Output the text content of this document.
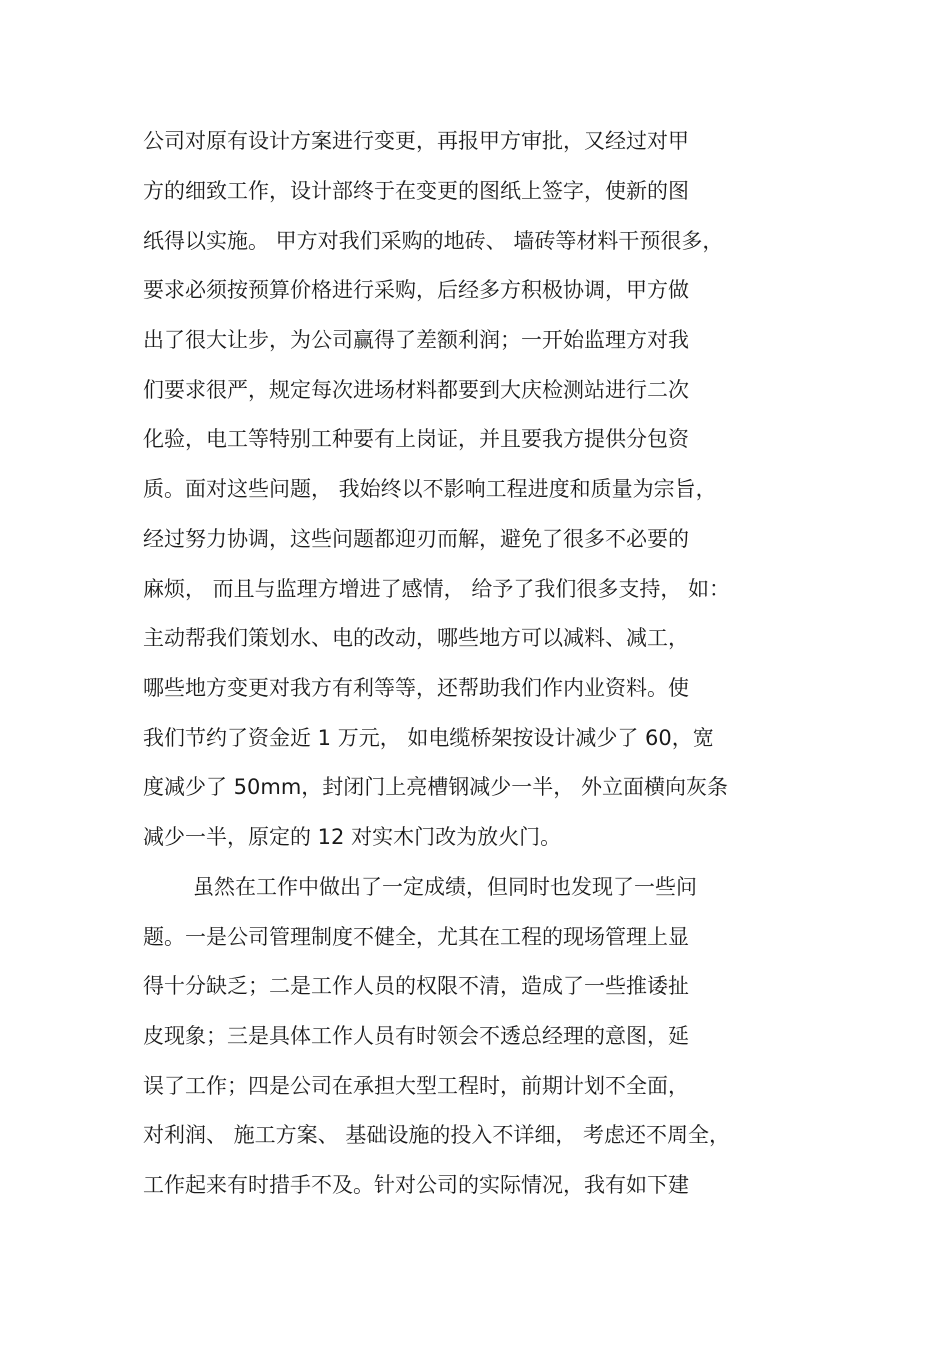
公司对原有设计方案进行变更，再报甲方审批，又经过对甲
方的细致工作，设计部终于在变更的图纸上签字，使新的图
纸得以实施。 甲方对我们采购的地砖、 墙砖等材料干预很多，
要求必须按预算价格进行采购，后经多方积极协调，甲方做
出了很大让步，为公司赢得了差额利润；一开始监理方对我
们要求很严，规定每次进场材料都要到大庆检测站进行二次
化验，电工等特别工种要有上岗证，并且要我方提供分包资
质。面对这些问题， 我始终以不影响工程进度和质量为宗旨，
经过努力协调，这些问题都迎刃而解，避免了很多不必要的
麻烦， 而且与监理方增进了感情， 给予了我们很多支持， 如：
主动帮我们策划水、电的改动，哪些地方可以减料、减工，
哪些地方变更对我方有利等等，还帮助我们作内业资料。使
我们节约了资金近 1 万元， 如电缆桥架按设计减少了 60，宽
度减少了 50mm，封闭门上亮槽钢减少一半， 外立面横向灰条
减少一半，原定的 12 对实木门改为放火门。
虽然在工作中做出了一定成绩，但同时也发现了一些问
题。一是公司管理制度不健全，尤其在工程的现场管理上显
得十分缺乏；二是工作人员的权限不清，造成了一些推诿扯
皮现象；三是具体工作人员有时领会不透总经理的意图，延
误了工作；四是公司在承担大型工程时，前期计划不全面，
对利润、 施工方案、 基础设施的投入不详细， 考虑还不周全，
工作起来有时措手不及。针对公司的实际情况，我有如下建
